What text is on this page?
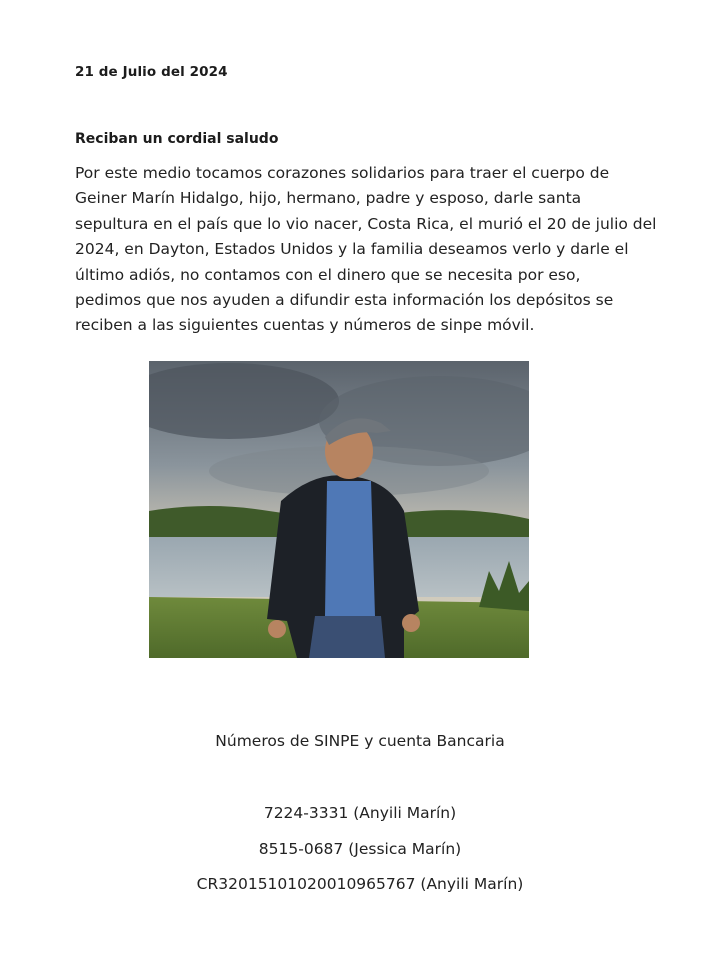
21 de Julio del 2024
Reciban un cordial saludo
Por este medio tocamos corazones solidarios para traer el cuerpo de
Geiner Marín Hidalgo, hijo, hermano, padre y esposo, darle santa
sepultura en el país que lo vio nacer, Costa Rica, el murió el 20 de julio del
2024, en Dayton, Estados Unidos y la familia deseamos verlo y darle el
último adiós, no contamos con el dinero que se necesita por eso,
pedimos que nos ayuden a difundir esta información los depósitos se
reciben a las siguientes cuentas y números de sinpe móvil.
Números de SINPE y cuenta Bancaria
7224-3331 (Anyili Marín)
8515-0687 (Jessica Marín)
CR32015101020010965767 (Anyili Marín)
